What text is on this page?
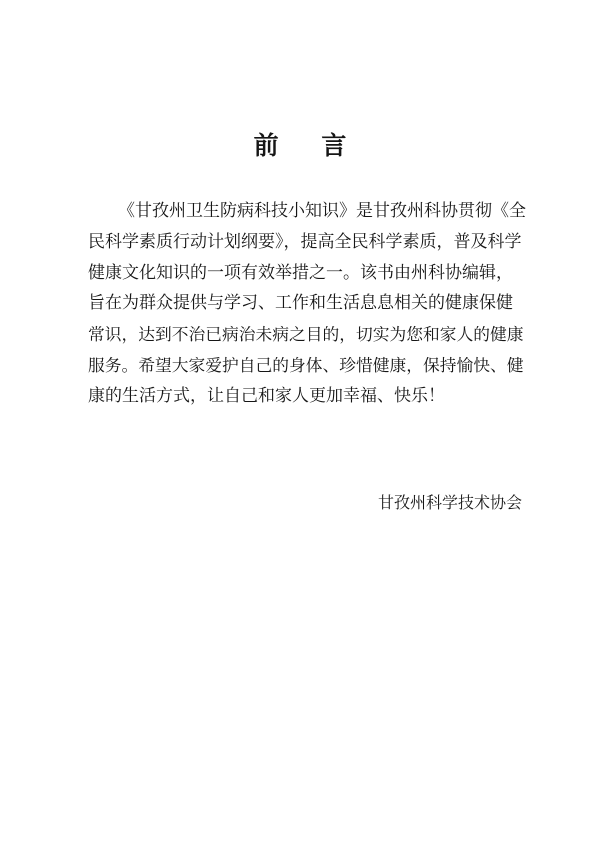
前 言
《甘孜州卫生防病科技小知识》是甘孜州科协贯彻《全
民科学素质行动计划纲要》，提高全民科学素质，普及科学
健康文化知识的一项有效举措之一。该书由州科协编辑，
旨在为群众提供与学习、工作和生活息息相关的健康保健
常识，达到不治已病治未病之目的，切实为您和家人的健康
服务。希望大家爱护自己的身体、珍惜健康，保持愉快、健
康的生活方式，让自己和家人更加幸福、快乐！
甘孜州科学技术协会
